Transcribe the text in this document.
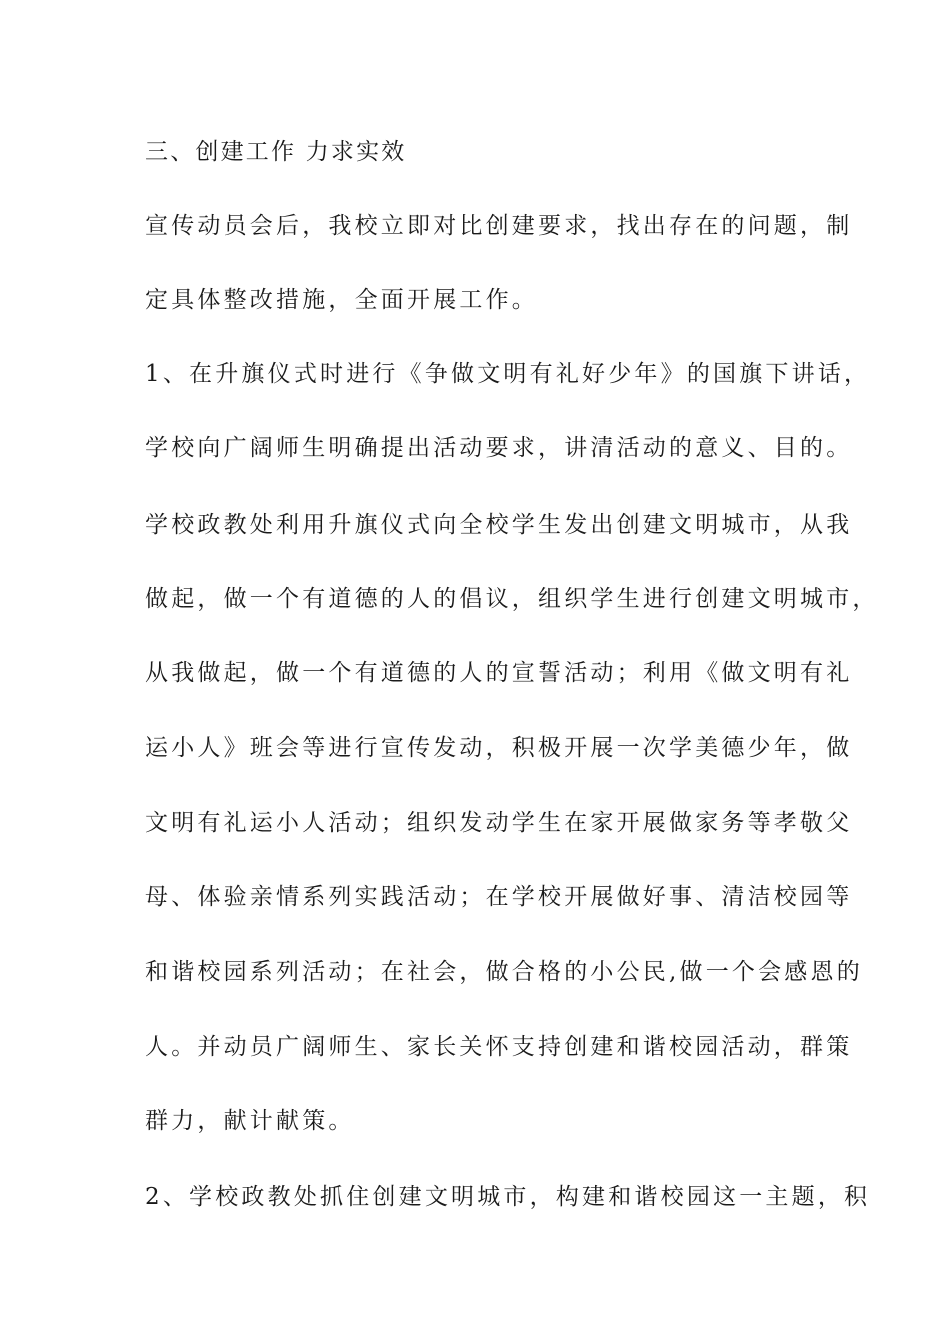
三、创建工作 力求实效
宣传动员会后，我校立即对比创建要求，找出存在的问题，制
定具体整改措施，全面开展工作。
1、在升旗仪式时进行《争做文明有礼好少年》的国旗下讲话，
学校向广阔师生明确提出活动要求，讲清活动的意义、目的。
学校政教处利用升旗仪式向全校学生发出创建文明城市，从我
做起，做一个有道德的人的倡议，组织学生进行创建文明城市，
从我做起，做一个有道德的人的宣誓活动；利用《做文明有礼
运小人》班会等进行宣传发动，积极开展一次学美德少年，做
文明有礼运小人活动；组织发动学生在家开展做家务等孝敬父
母、体验亲情系列实践活动；在学校开展做好事、清洁校园等
和谐校园系列活动；在社会，做合格的小公民,做一个会感恩的
人。并动员广阔师生、家长关怀支持创建和谐校园活动，群策
群力，献计献策。
2、学校政教处抓住创建文明城市，构建和谐校园这一主题，积
